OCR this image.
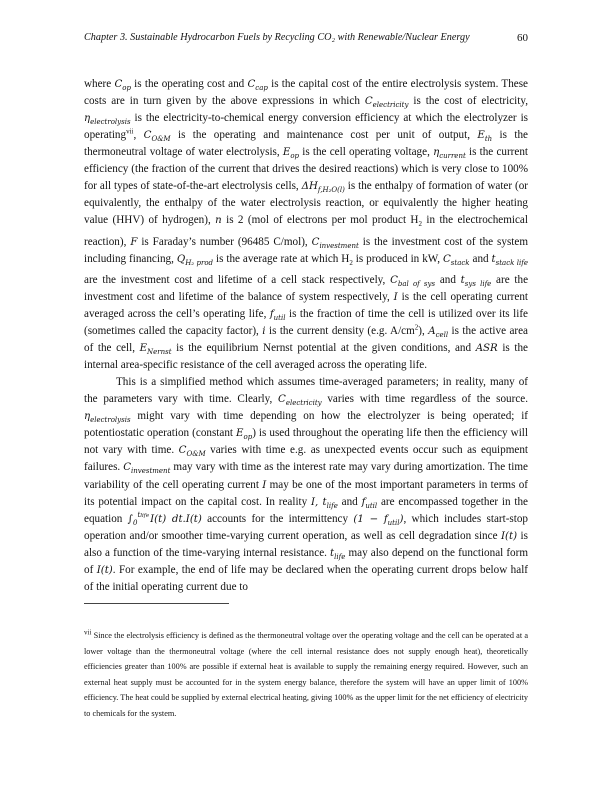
Chapter 3. Sustainable Hydrocarbon Fuels by Recycling CO₂ with Renewable/Nuclear Energy	60

where $C_{op}$ is the operating cost and $C_{cap}$ is the capital cost of the entire electrolysis system. These costs are in turn given by the above expressions in which $C_{electricity}$ is the cost of electricity, $\eta_{electrolysis}$ is the electricity-to-chemical energy conversion efficiency at which the electrolyzer is operating$^{vii}$, $C_{O\&M}$ is the operating and maintenance cost per unit of output, $E_{th}$ is the thermoneutral voltage of water electrolysis, $E_{op}$ is the cell operating voltage, $\eta_{current}$ is the current efficiency (the fraction of the current that drives the desired reactions) which is very close to 100% for all types of state-of-the-art electrolysis cells, $\Delta H_{f,H_2O(l)}$ is the enthalpy of formation of water (or equivalently, the enthalpy of the water electrolysis reaction, or equivalently the higher heating value (HHV) of hydrogen), n is 2 (mol of electrons per mol product $H_2$ in the electrochemical reaction), F is Faraday’s number (96485 C/mol), $C_{investment}$ is the investment cost of the system including financing, $Q_{H_2 prod}$ is the average rate at which $H_2$ is produced in kW, $C_{stack}$ and $t_{stack life}$ are the investment cost and lifetime of a cell stack respectively, $C_{bal of sys}$ and $t_{sys life}$ are the investment cost and lifetime of the balance of system respectively, I is the cell operating current averaged across the cell’s operating life, $f_{util}$ is the fraction of time the cell is utilized over its life (sometimes called the capacity factor), i is the current density (e.g. $A/cm^2$), $A_{cell}$ is the active area of the cell, $E_{Nernst}$ is the equilibrium Nernst potential at the given conditions, and ASR is the internal area-specific resistance of the cell averaged across the operating life.

This is a simplified method which assumes time-averaged parameters; in reality, many of the parameters vary with time. Clearly, $C_{electricity}$ varies with time regardless of the source. $\eta_{electrolysis}$ might vary with time depending on how the electrolyzer is being operated; if potentiostatic operation (constant $E_{op}$) is used throughout the operating life then the efficiency will not vary with time. $C_{O\&M}$ varies with time e.g. as unexpected events occur such as equipment failures. $C_{investment}$ may vary with time as the interest rate may vary during amortization. The time variability of the cell operating current I may be one of the most important parameters in terms of its potential impact on the capital cost. In reality I, $t_{life}$ and $f_{util}$ are encompassed together in the equation $\int_0^{tlife}$ I(t) dt.I(t) accounts for the intermittency $(1 - f_{util})$, which includes start-stop operation and/or smoother time-varying current operation, as well as cell degradation since I(t) is also a function of the time-varying internal resistance. $t_{life}$ may also depend on the functional form of I(t). For example, the end of life may be declared when the operating current drops below half of the initial operating current due to

$^{vii}$ Since the electrolysis efficiency is defined as the thermoneutral voltage over the operating voltage and the cell can be operated at a lower voltage than the thermoneutral voltage (where the cell internal resistance does not supply enough heat), theoretically efficiencies greater than 100% are possible if external heat is available to supply the remaining energy required. However, such an external heat supply must be accounted for in the system energy balance, therefore the system will have an upper limit of 100% efficiency. The heat could be supplied by external electrical heating, giving 100% as the upper limit for the net efficiency of electricity to chemicals for the system.
